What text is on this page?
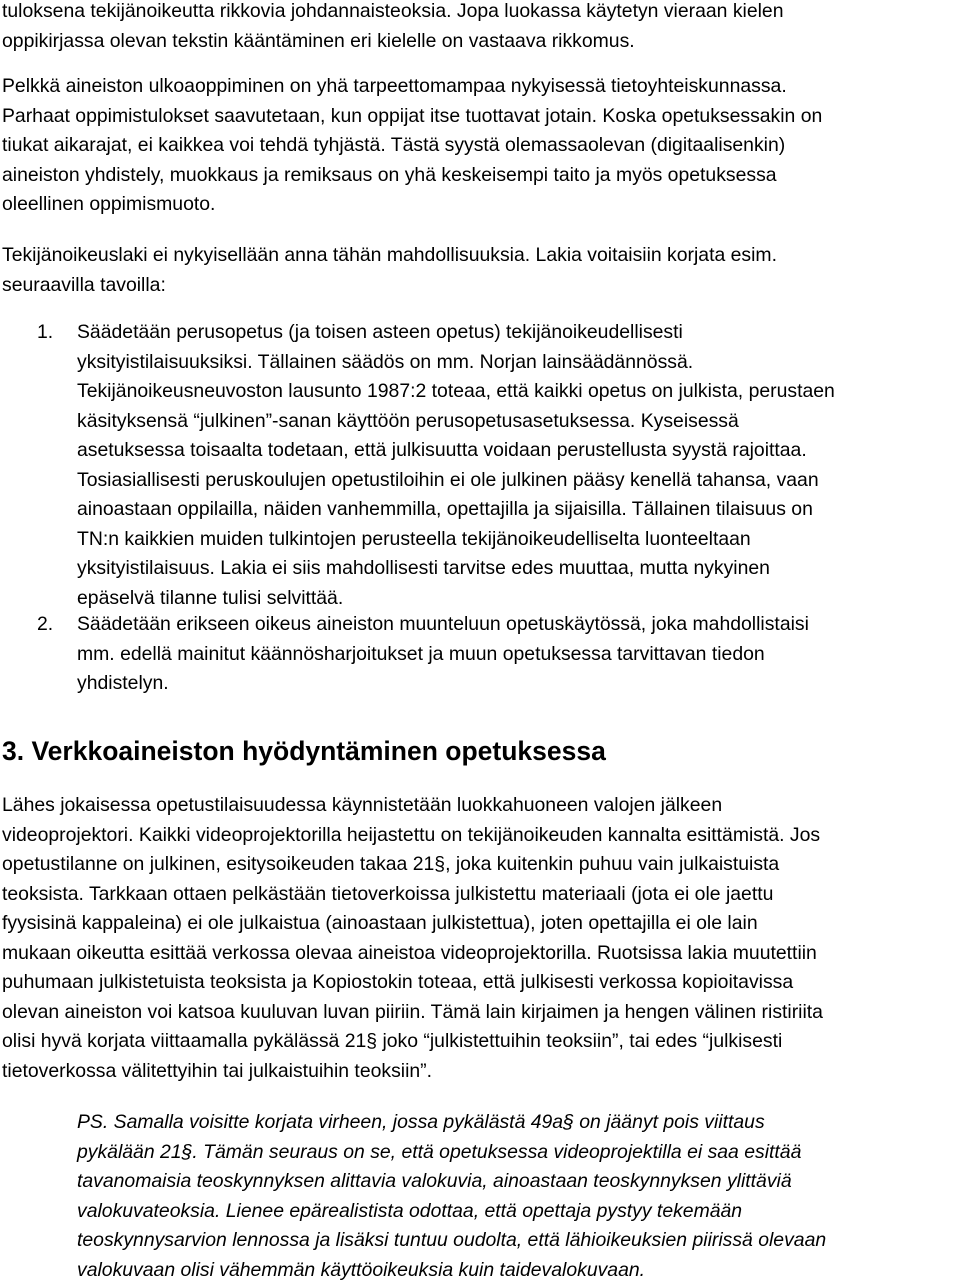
tuloksena tekijänoikeutta rikkovia johdannaisteoksia. Jopa luokassa käytetyn vieraan kielen
oppikirjassa olevan tekstin kääntäminen eri kielelle on vastaava rikkomus.

Pelkkä aineiston ulkoaoppiminen on yhä tarpeettomampaa nykyisessä tietoyhteiskunnassa.
Parhaat oppimistulokset saavutetaan, kun oppijat itse tuottavat jotain. Koska opetuksessakin on
tiukat aikarajat, ei kaikkea voi tehdä tyhjästä. Tästä syystä olemassaolevan (digitaalisenkin)
aineiston yhdistely, muokkaus ja remiksaus on yhä keskeisempi taito ja myös opetuksessa
oleellinen oppimismuoto.

Tekijänoikeuslaki ei nykyisellään anna tähän mahdollisuuksia. Lakia voitaisiin korjata esim.
seuraavilla tavoilla:

1.	Säädetään perusopetus (ja toisen asteen opetus) tekijänoikeudellisesti
yksityistilaisuuksiksi. Tällainen säädös on mm. Norjan lainsäädännössä.
Tekijänoikeusneuvoston lausunto 1987:2 toteaa, että kaikki opetus on julkista, perustaen
käsityksensä “julkinen”-sanan käyttöön perusopetusasetuksessa. Kyseisessä
asetuksessa toisaalta todetaan, että julkisuutta voidaan perustellusta syystä rajoittaa.
Tosiasiallisesti peruskoulujen opetustiloihin ei ole julkinen pääsy kenellä tahansa, vaan
ainoastaan oppilailla, näiden vanhemmilla, opettajilla ja sijaisilla. Tällainen tilaisuus on
TN:n kaikkien muiden tulkintojen perusteella tekijänoikeudelliselta luonteeltaan
yksityistilaisuus. Lakia ei siis mahdollisesti tarvitse edes muuttaa, mutta nykyinen
epäselvä tilanne tulisi selvittää.
2.	Säädetään erikseen oikeus aineiston muunteluun opetuskäytössä, joka mahdollistaisi
mm. edellä mainitut käännösharjoitukset ja muun opetuksessa tarvittavan tiedon
yhdistelyn.
3. Verkkoaineiston hyödyntäminen opetuksessa

Lähes jokaisessa opetustilaisuudessa käynnistetään luokkahuoneen valojen jälkeen
videoprojektori. Kaikki videoprojektorilla heijastettu on tekijänoikeuden kannalta esittämistä. Jos
opetustilanne on julkinen, esitysoikeuden takaa 21§, joka kuitenkin puhuu vain julkaistuista
teoksista. Tarkkaan ottaen pelkästään tietoverkoissa julkistettu materiaali (jota ei ole jaettu
fyysisinä kappaleina) ei ole julkaistua (ainoastaan julkistettua), joten opettajilla ei ole lain
mukaan oikeutta esittää verkossa olevaa aineistoa videoprojektorilla. Ruotsissa lakia muutettiin
puhumaan julkistetuista teoksista ja Kopiostokin toteaa, että julkisesti verkossa kopioitavissa
olevan aineiston voi katsoa kuuluvan luvan piiriin. Tämä lain kirjaimen ja hengen välinen ristiriita
olisi hyvä korjata viittaamalla pykälässä 21§ joko “julkistettuihin teoksiin”, tai edes “julkisesti
tietoverkossa välitettyihin tai julkaistuihin teoksiin”.

PS. Samalla voisitte korjata virheen, jossa pykälästä 49a§ on jäänyt pois viittaus
pykälään 21§. Tämän seuraus on se, että opetuksessa videoprojektilla ei saa esittää
tavanomaisia teoskynnyksen alittavia valokuvia, ainoastaan teoskynnyksen ylittäviä
valokuvateoksia. Lienee epärealistista odottaa, että opettaja pystyy tekemään
teoskynnysarvion lennossa ja lisäksi tuntuu oudolta, että lähioikeuksien piirissä olevaan
valokuvaan olisi vähemmän käyttöoikeuksia kuin taidevalokuvaan.
